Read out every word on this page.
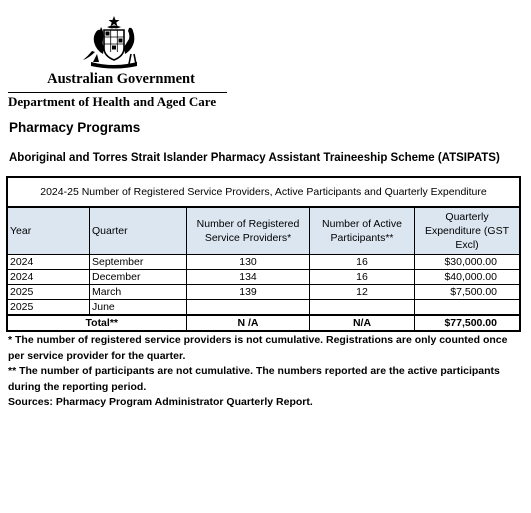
Australian Government
Department of Health and Aged Care
Pharmacy Programs
Aboriginal and Torres Strait Islander Pharmacy Assistant Traineeship Scheme (ATSIPATS)
2024-25 Number of Registered Service Providers, Active Participants and Quarterly Expenditure				
Year	Quarter	Number of Registered Service Providers*	Number of Active Participants**	Quarterly Expenditure (GST Excl)
2024	September	130	16	$30,000.00
2024	December	134	16	$40,000.00
2025	March	139	12	$7,500.00
2025	June			
Total**		N /A	N/A	$77,500.00

* The number of registered service providers is not cumulative. Registrations are only counted once per service provider for the quarter.

** The number of participants are not cumulative. The numbers reported are the active participants during the reporting period.

Sources: Pharmacy Program Administrator Quarterly Report.
